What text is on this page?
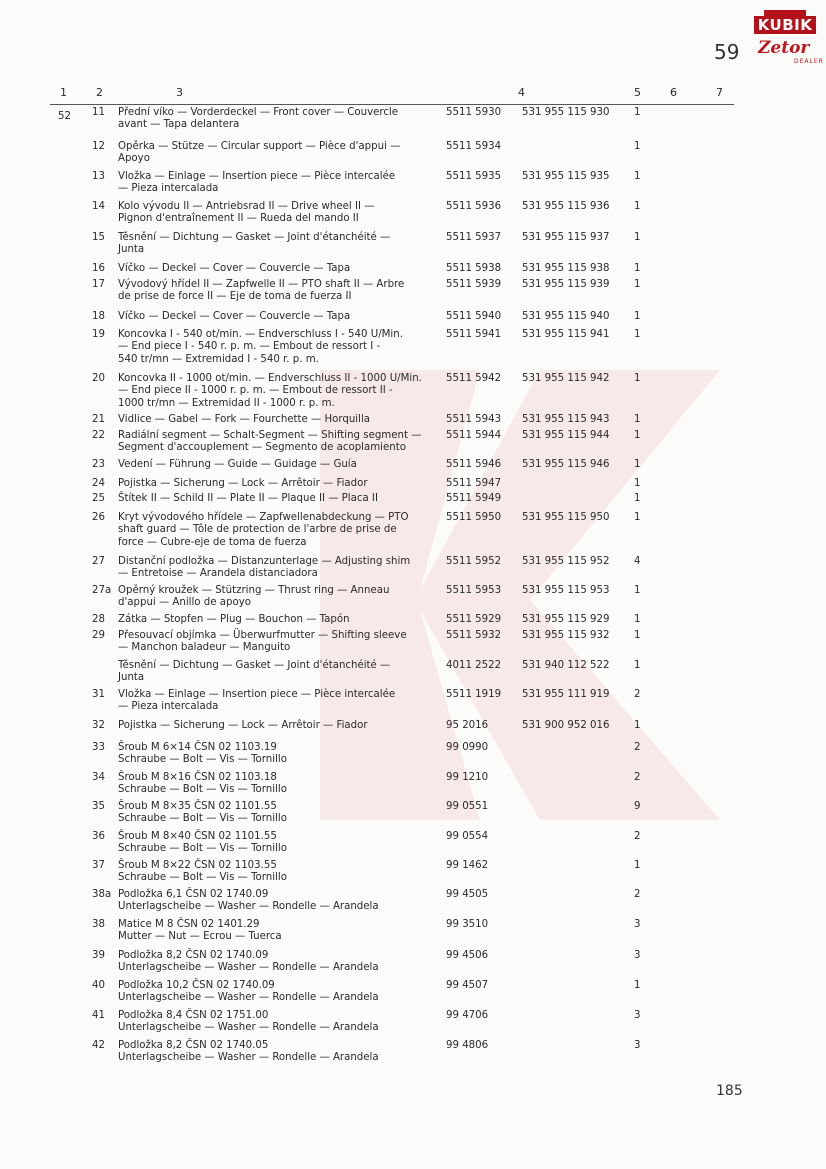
KUBIK
Zetor
DEALER
59
1	2	3	4	5	6	7
52 11	Přední víko — Vorderdeckel — Front cover — Couvercle
avant — Tapa delantera
5511 5930	531 955 115 930	1
12	Opěrka — Stütze — Circular support — Pièce d'appui —
Apoyo
5511 5934	1
13	Vložka — Einlage — Insertion piece — Pièce intercalée
— Pieza intercalada
5511 5935	531 955 115 935	1
14	Kolo vývodu II — Antriebsrad II — Drive wheel II —
Pignon d'entraînement II — Rueda del mando II
5511 5936	531 955 115 936	1
15	Těsnění — Dichtung — Gasket — Joint d'étanchéité —
Junta
5511 5937	531 955 115 937	1
16	Víčko — Deckel — Cover — Couvercle — Tapa	5511 5938	531 955 115 938	1
17	Vývodový hřídel II — Zapfwelle II — PTO shaft II — Arbre
de prise de force II — Eje de toma de fuerza II
5511 5939	531 955 115 939	1
18	Víčko — Deckel — Cover — Couvercle — Tapa	5511 5940	531 955 115 940	1
19	Koncovka I - 540 ot/min. — Endverschluss I - 540 U/Min.
— End piece I - 540 r. p. m. — Embout de ressort I -
540 tr/mn — Extremidad I - 540 r. p. m.
5511 5941	531 955 115 941	1
20	Koncovka II - 1000 ot/min. — Endverschluss II - 1000 U/Min.
— End piece II - 1000 r. p. m. — Embout de ressort II -
1000 tr/mn — Extremidad II - 1000 r. p. m.
5511 5942	531 955 115 942	1
21	Vidlice — Gabel — Fork — Fourchette — Horquilla	5511 5943	531 955 115 943	1
22	Radiální segment — Schalt-Segment — Shifting segment —
Segment d'accouplement — Segmento de acoplamiento
5511 5944	531 955 115 944	1
23	Vedení — Führung — Guide — Guidage — Guía	5511 5946	531 955 115 946	1
24	Pojistka — Sicherung — Lock — Arrêtoir — Fiador	5511 5947	1
25	Štítek II — Schild II — Plate II — Plaque II — Placa II	5511 5949	1
26	Kryt vývodového hřídele — Zapfwellenabdeckung — PTO
shaft guard — Tôle de protection de l'arbre de prise de
force — Cubre-eje de toma de fuerza
5511 5950	531 955 115 950	1
27	Distanční podložka — Distanzunterlage — Adjusting shim
— Entretoise — Arandela distanciadora
5511 5952	531 955 115 952	4
27a Opěrný kroužek — Stützring — Thrust ring — Anneau
d'appui — Anillo de apoyo
5511 5953	531 955 115 953	1
28	Zátka — Stopfen — Plug — Bouchon — Tapón	5511 5929	531 955 115 929	1
29	Přesouvací objímka — Überwurfmutter — Shifting sleeve
— Manchon baladeur — Manguito
5511 5932	531 955 115 932	1
Těsnění — Dichtung — Gasket — Joint d'étanchéité —
Junta
4011 2522	531 940 112 522	1
31	Vložka — Einlage — Insertion piece — Pièce intercalée
— Pieza intercalada
5511 1919	531 955 111 919	2
32	Pojistka — Sicherung — Lock — Arrêtoir — Fiador	95 2016	531 900 952 016	1
33	Šroub M 6×14 ČSN 02 1103.19
Schraube — Bolt — Vis — Tornillo
99 0990	2
34	Šroub M 8×16 ČSN 02 1103.18
Schraube — Bolt — Vis — Tornillo
99 1210	2
35	Šroub M 8×35 ČSN 02 1101.55
Schraube — Bolt — Vis — Tornillo
99 0551	9
36	Šroub M 8×40 ČSN 02 1101.55
Schraube — Bolt — Vis — Tornillo
99 0554	2
37	Šroub M 8×22 ČSN 02 1103.55
Schraube — Bolt — Vis — Tornillo
99 1462	1
38a Podložka 6,1 ČSN 02 1740.09
Unterlagscheibe — Washer — Rondelle — Arandela
99 4505	2
38	Matice M 8 ČSN 02 1401.29
Mutter — Nut — Ecrou — Tuerca
99 3510	3
39	Podložka 8,2 ČSN 02 1740.09
Unterlagscheibe — Washer — Rondelle — Arandela
99 4506	3
40	Podložka 10,2 ČSN 02 1740.09
Unterlagscheibe — Washer — Rondelle — Arandela
99 4507	1
41	Podložka 8,4 ČSN 02 1751.00
Unterlagscheibe — Washer — Rondelle — Arandela
99 4706	3
42	Podložka 8,2 ČSN 02 1740.05
Unterlagscheibe — Washer — Rondelle — Arandela
99 4806	3
185
